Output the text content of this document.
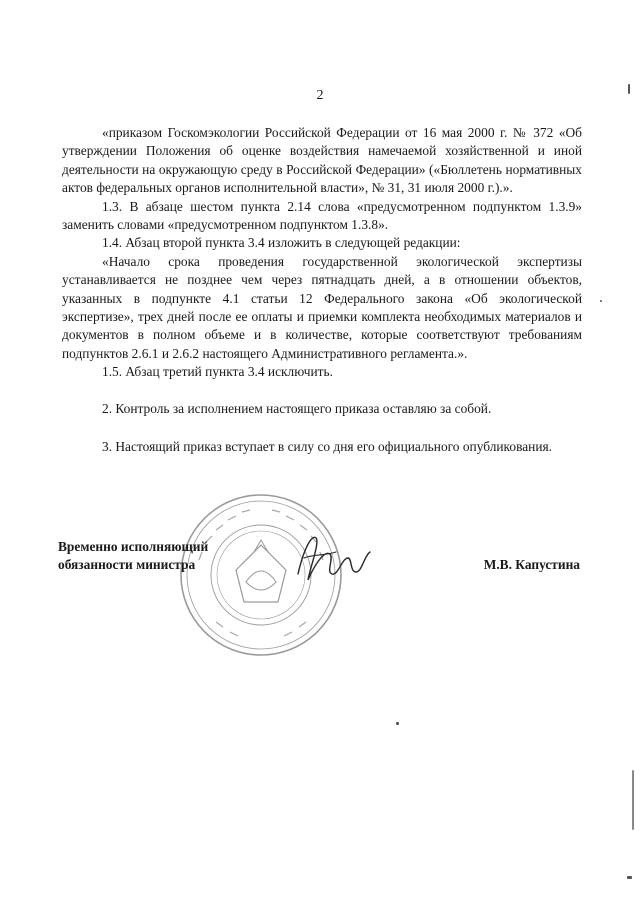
2

«приказом Госкомэкологии Российской Федерации от 16 мая 2000 г. № 372 «Об утверждении Положения об оценке воздействия намечаемой хозяйственной и иной деятельности на окружающую среду в Российской Федерации» («Бюллетень нормативных актов федеральных органов исполнительной власти», № 31, 31 июля 2000 г.).».

1.3. В абзаце шестом пункта 2.14 слова «предусмотренном подпунктом 1.3.9» заменить словами «предусмотренном подпунктом 1.3.8».

1.4. Абзац второй пункта 3.4 изложить в следующей редакции:

«Начало срока проведения государственной экологической экспертизы устанавливается не позднее чем через пятнадцать дней, а в отношении объектов, указанных в подпункте 4.1 статьи 12 Федерального закона «Об экологической экспертизе», трех дней после ее оплаты и приемки комплекта необходимых материалов и документов в полном объеме и в количестве, которые соответствуют требованиям подпунктов 2.6.1 и 2.6.2 настоящего Административного регламента.».

1.5. Абзац третий пункта 3.4 исключить.

2. Контроль за исполнением настоящего приказа оставляю за собой.

3. Настоящий приказ вступает в силу со дня его официального опубликования.

Временно исполняющий
обязанности министра	М.В. Капустина
